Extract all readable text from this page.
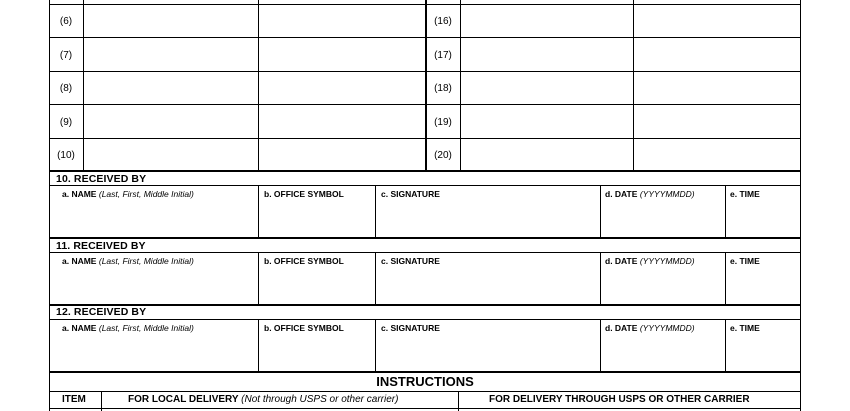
(6)	(16)
(7)	(17)
(8)	(18)
(9)	(19)
(10)	(20)
10. RECEIVED BY
a. NAME (Last, First, Middle Initial)	b. OFFICE SYMBOL	c. SIGNATURE	d. DATE (YYYYMMDD)	e. TIME
11. RECEIVED BY
a. NAME (Last, First, Middle Initial)	b. OFFICE SYMBOL	c. SIGNATURE	d. DATE (YYYYMMDD)	e. TIME
12. RECEIVED BY
a. NAME (Last, First, Middle Initial)	b. OFFICE SYMBOL	c. SIGNATURE	d. DATE (YYYYMMDD)	e. TIME
INSTRUCTIONS
ITEM	FOR LOCAL DELIVERY (Not through USPS or other carrier)	FOR DELIVERY THROUGH USPS OR OTHER CARRIER
